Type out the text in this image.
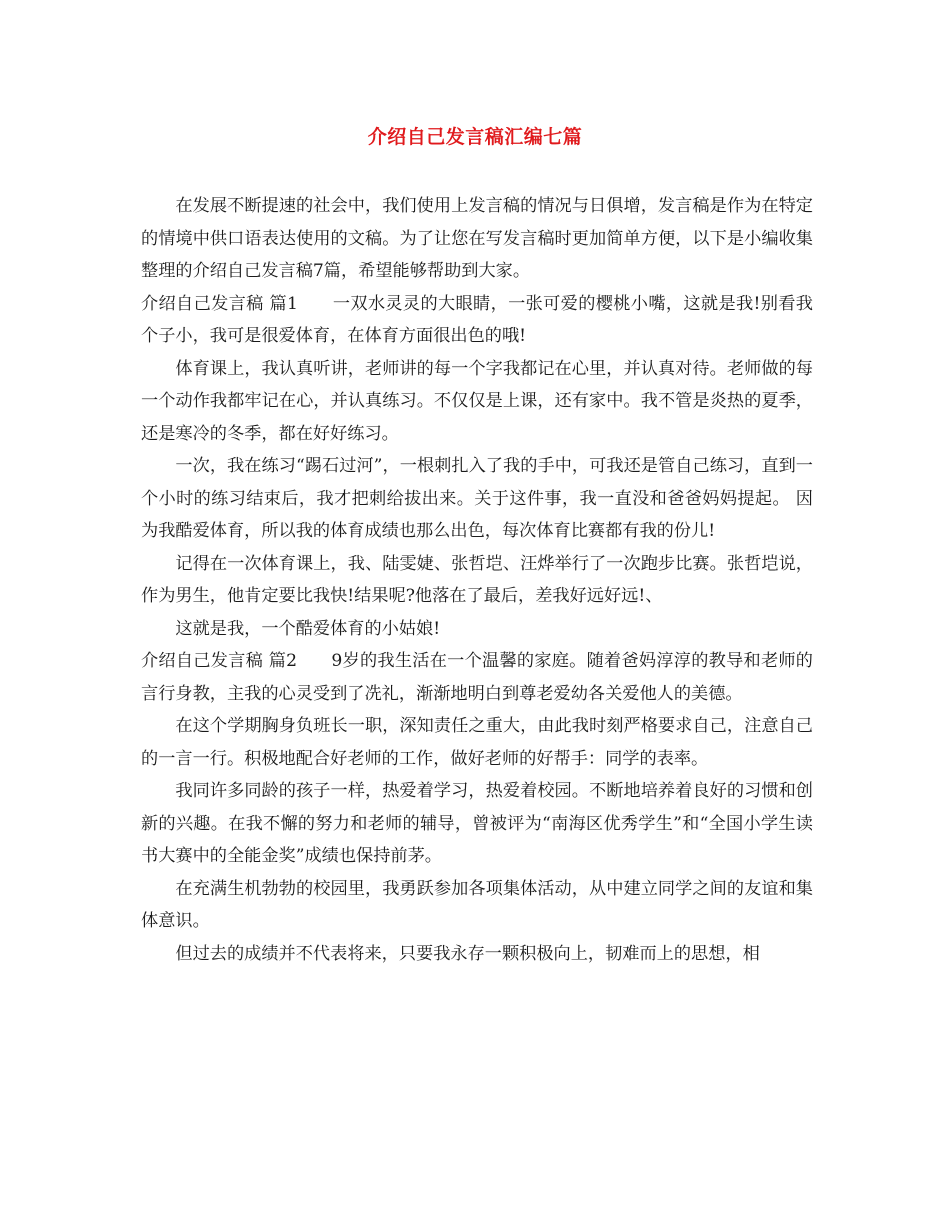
介绍自己发言稿汇编七篇

在发展不断提速的社会中，我们使用上发言稿的情况与日俱增，发言稿是作为在特定的情境中供口语表达使用的文稿。为了让您在写发言稿时更加简单方便，以下是小编收集整理的介绍自己发言稿7篇，希望能够帮助到大家。

介绍自己发言稿 篇1 一双水灵灵的大眼睛，一张可爱的樱桃小嘴，这就是我!别看我个子小，我可是很爱体育，在体育方面很出色的哦!

体育课上，我认真听讲，老师讲的每一个字我都记在心里，并认真对待。老师做的每一个动作我都牢记在心，并认真练习。不仅仅是上课，还有家中。我不管是炎热的夏季，还是寒冷的冬季，都在好好练习。

一次，我在练习“踢石过河”，一根刺扎入了我的手中，可我还是管自己练习，直到一个小时的练习结束后，我才把刺给拔出来。关于这件事，我一直没和爸爸妈妈提起。 因为我酷爱体育，所以我的体育成绩也那么出色，每次体育比赛都有我的份儿!

记得在一次体育课上，我、陆雯婕、张哲垲、汪烨举行了一次跑步比赛。张哲垲说，作为男生，他肯定要比我快!结果呢?他落在了最后，差我好远好远!、

这就是我，一个酷爱体育的小姑娘!

介绍自己发言稿 篇2 9岁的我生活在一个温馨的家庭。随着爸妈淳淳的教导和老师的言行身教，主我的心灵受到了冼礼，渐渐地明白到尊老爱幼各关爱他人的美德。

在这个学期胸身负班长一职，深知责任之重大，由此我时刻严格要求自己，注意自己的一言一行。积极地配合好老师的工作，做好老师的好帮手：同学的表率。

我同许多同龄的孩子一样，热爱着学习，热爱着校园。不断地培养着良好的习惯和创新的兴趣。在我不懈的努力和老师的辅导，曾被评为“南海区优秀学生”和“全国小学生读书大赛中的全能金奖”成绩也保持前茅。

在充满生机勃勃的校园里，我勇跃参加各项集体活动，从中建立同学之间的友谊和集体意识。

但过去的成绩并不代表将来，只要我永存一颗积极向上，韧难而上的思想，相
